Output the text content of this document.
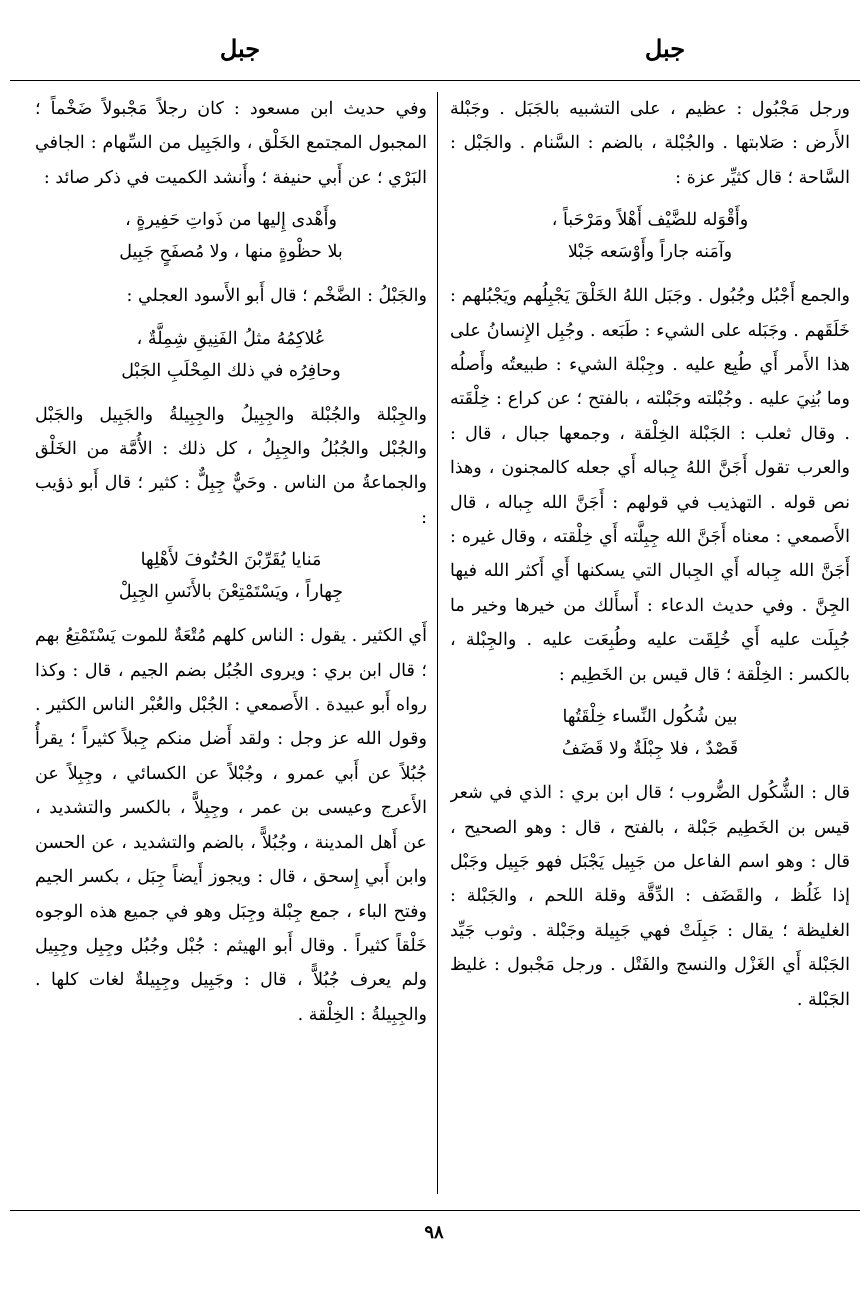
جبل
جبل

ورجل مَجْبُول : عظيم ، على التشبيه بالجَبَل . وجَبْلة الأَرض : صَلابتها . والجُبْلة ، بالضم : السَّنام . والجَبْل : السَّاحة ؛ قال كثيِّر عزة :

وأَقْوَله للضَّيْف أَهْلاً ومَرْحَباً ،
وآمَنه جاراً وأَوْسَعه جَبْلا

والجمع أَجْبُل وجُبُول . وجَبَل اللهُ الخَلْقَ يَجْبِلُهم ويَجْبُلهم : خَلَقَهم . وجَبَله على الشيء : طَبَعه . وجُبِل الإِنسانُ على هذا الأَمر أَي طُبِع عليه . وجِبْلة الشيء : طبيعتُه وأَصلُه وما بُنِيَ عليه . وجُبْلته وجَبْلته ، بالفتح ؛ عن كراع : خِلْقَته . وقال ثعلب : الجَبْلة الخِلْقة ، وجمعها جبال ، قال : والعرب تقول أَجَنَّ اللهُ جِباله أَي جعله كالمجنون ، وهذا نص قوله . التهذيب في قولهم : أَجَنَّ الله جِباله ، قال الأَصمعي : معناه أَجَنَّ الله جِبِلَّته أَي خِلْقته ، وقال غيره : أَجَنَّ الله جِباله أَي الجِبال التي يسكنها أَي أَكثر الله فيها الجِنَّ . وفي حديث الدعاء : أَسأَلك من خيرها وخير ما جُبِلَت عليه أَي خُلِقَت عليه وطُبِعَت عليه . والجِبْلة ، بالكسر : الخِلْقة ؛ قال قيس بن الخَطِيم :

بين شُكُول النِّساء خِلْقَتُها
قَصْدٌ ، فلا جِبْلَةٌ ولا قَضَفُ

قال : الشُّكُول الضُّروب ؛ قال ابن بري : الذي في شعر قيس بن الخَطِيم جَبْلة ، بالفتح ، قال : وهو الصحيح ، قال : وهو اسم الفاعل من جَبِيل يَجْبَل فهو جَبِيل وجَبْل إذا غَلُظ ، والقَضَف : الدِّقَّة وقلة اللحم ، والجَبْلة : الغليظة ؛ يقال : جَبِلَتْ فهي جَبِيلة وجَبْلة . وثوب جَيِّد الجَبْلة أَي الغَزْل والنسج والفَتْل . ورجل مَجْبول : غليظ الجَبْلة .

وفي حديث ابن مسعود : كان رجلاً مَجْبولاً ضَخْماً ؛ المجبول المجتمع الخَلْق ، والجَبِيل من السِّهام : الجافي البَرْي ؛ عن أَبي حنيفة ؛ وأَنشد الكميت في ذكر صائد :

وأَهْدى إِليها من ذَواتِ حَفِيرةٍ ،
بلا حظْوةٍ منها ، ولا مُصفَحٍ جَبِيل

والجَبْلُ : الضَّخْم ؛ قال أَبو الأَسود العجلي :

عُلاكِمُهُ مثلُ الفَنِيقِ شِمِلَّةٌ ،
وحافِرُه في ذلك المِحْلَبِ الجَبْل

والجِبْلة والجُبْلة والجِبِيلُ والجِبِيلةُ والجَبِيل والجَبْل والجُبْل والجُبُلُ والجِبِلُ ، كل ذلك : الأُمَّة من الخَلْق والجماعةُ من الناس . وحَيٌّ جِبِلٌّ : كثير ؛ قال أَبو ذؤيب :

مَنايا يُقَرِّبْنَ الحُتُوفَ لأَهْلِها
جِهاراً ، ويَسْتَمْتِعْنَ بالأَنَسِ الجِبِلْ

أَي الكثير . يقول : الناس كلهم مُتْعَةٌ للموت يَسْتَمْتِعُ بهم ؛ قال ابن بري : ويروى الجُبُل بضم الجيم ، قال : وكذا رواه أَبو عبيدة . الأَصمعي : الجُبْل والعُبْر الناس الكثير . وقول الله عز وجل : ولقد أَضل منكم جِبلاً كثيراً ؛ يقرأُ جُبُلاً عن أَبي عمرو ، وجُبْلاً عن الكسائي ، وجِبِلاً عن الأَعرج وعيسى بن عمر ، وجِبِلاًّ ، بالكسر والتشديد ، عن أَهل المدينة ، وجُبُلاًّ ، بالضم والتشديد ، عن الحسن وابن أَبي إِسحق ، قال : ويجوز أَيضاً جِبَل ، بكسر الجيم وفتح الباء ، جمع جِبْلة وجِبَل وهو في جميع هذه الوجوه خَلْقاً كثيراً . وقال أَبو الهيثم : جُبْل وجُبُل وجِبِل وجِبِيل ولم يعرف جُبُلاًّ ، قال : وجَبِيل وجِبِيلةٌ لغات كلها . والجِبِيلةُ : الخِلْقة .

٩٨
